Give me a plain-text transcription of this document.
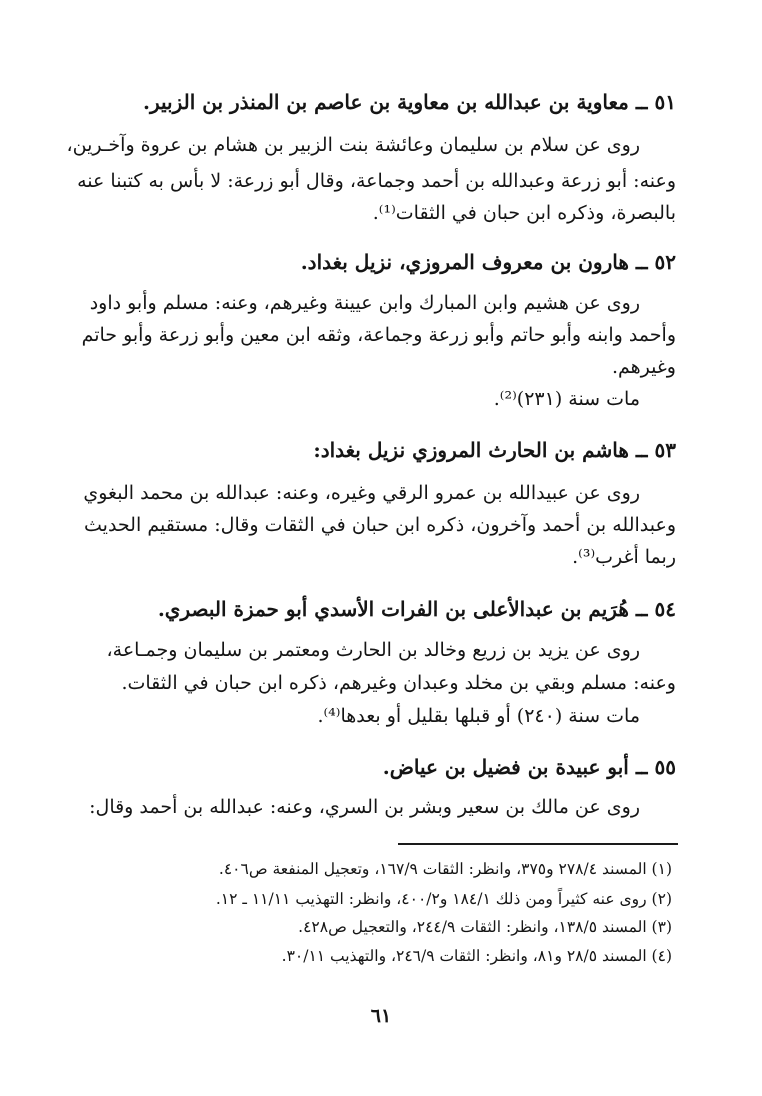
٥١ ــ معاوية بن عبدالله بن معاوية بن عاصم بن المنذر بن الزبير.
روى عن سلام بن سليمان وعائشة بنت الزبير بن هشام بن عروة وآخـرين،
وعنه: أبو زرعة وعبدالله بن أحمد وجماعة، وقال أبو زرعة: لا بأس به كتبنا عنه
بالبصرة، وذكره ابن حبان في الثقات⁽¹⁾.
٥٢ ــ هارون بن معروف المروزي، نزيل بغداد.
روى عن هشيم وابن المبارك وابن عيينة وغيرهم، وعنه: مسلم وأبو داود
وأحمد وابنه وأبو حاتم وأبو زرعة وجماعة، وثقه ابن معين وأبو زرعة وأبو حاتم
وغيرهم.
مات سنة (٢٣١)⁽²⁾.
٥٣ ــ هاشم بن الحارث المروزي نزيل بغداد:
روى عن عبيدالله بن عمرو الرقي وغيره، وعنه: عبدالله بن محمد البغوي
وعبدالله بن أحمد وآخرون، ذكره ابن حبان في الثقات وقال: مستقيم الحديث
ربما أغرب⁽³⁾.
٥٤ ــ هُرَيم بن عبدالأعلى بن الفرات الأسدي أبو حمزة البصري.
روى عن يزيد بن زريع وخالد بن الحارث ومعتمر بن سليمان وجمـاعة،
وعنه: مسلم وبقي بن مخلد وعبدان وغيرهم، ذكره ابن حبان في الثقات.
مات سنة (٢٤٠) أو قبلها بقليل أو بعدها⁽⁴⁾.
٥٥ ــ أبو عبيدة بن فضيل بن عياض.
روى عن مالك بن سعير وبشر بن السري، وعنه: عبدالله بن أحمد وقال:
(١) المسند ٢٧٨/٤ و٣٧٥، وانظر: الثقات ١٦٧/٩، وتعجيل المنفعة ص٤٠٦.
(٢) روى عنه كثيراً ومن ذلك ١٨٤/١ و٤٠٠/٢، وانظر: التهذيب ١١/١١ ـ ١٢.
(٣) المسند ١٣٨/٥، وانظر: الثقات ٢٤٤/٩، والتعجيل ص٤٢٨.
(٤) المسند ٢٨/٥ و٨١، وانظر: الثقات ٢٤٦/٩، والتهذيب ٣٠/١١.
٦١
